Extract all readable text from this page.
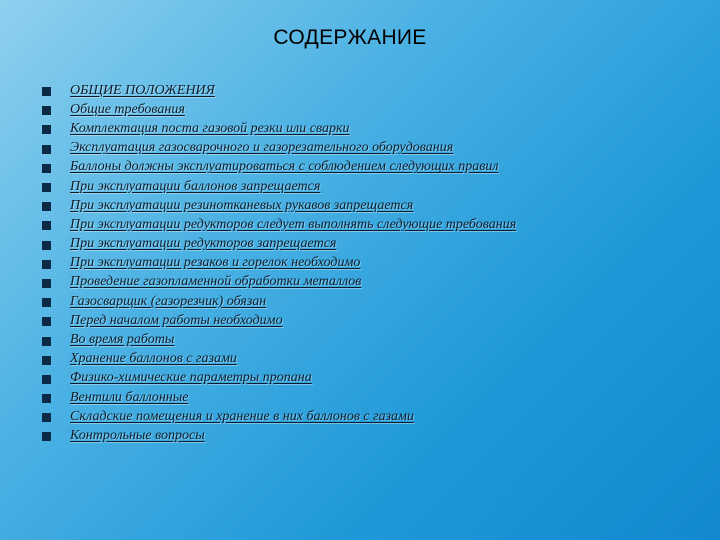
СОДЕРЖАНИЕ
ОБЩИЕ ПОЛОЖЕНИЯ
Общие требования
Комплектация поста газовой резки или сварки
Эксплуатация газосварочного и газорезательного оборудования
Баллоны должны эксплуатироваться с соблюдением следующих правил
При эксплуатации баллонов запрещается
При эксплуатации резинотканевых рукавов запрещается
При эксплуатации редукторов следует выполнять следующие требования
При эксплуатации редукторов запрещается
При эксплуатации резаков и горелок необходимо
Проведение газопламенной обработки металлов
Газосварщик (газорезчик) обязан
Перед началом работы необходимо
Во время работы
Хранение баллонов с газами
Физико-химические параметры пропана
Вентили баллонные
Складские помещения и хранение в них баллонов с газами
Контрольные вопросы
